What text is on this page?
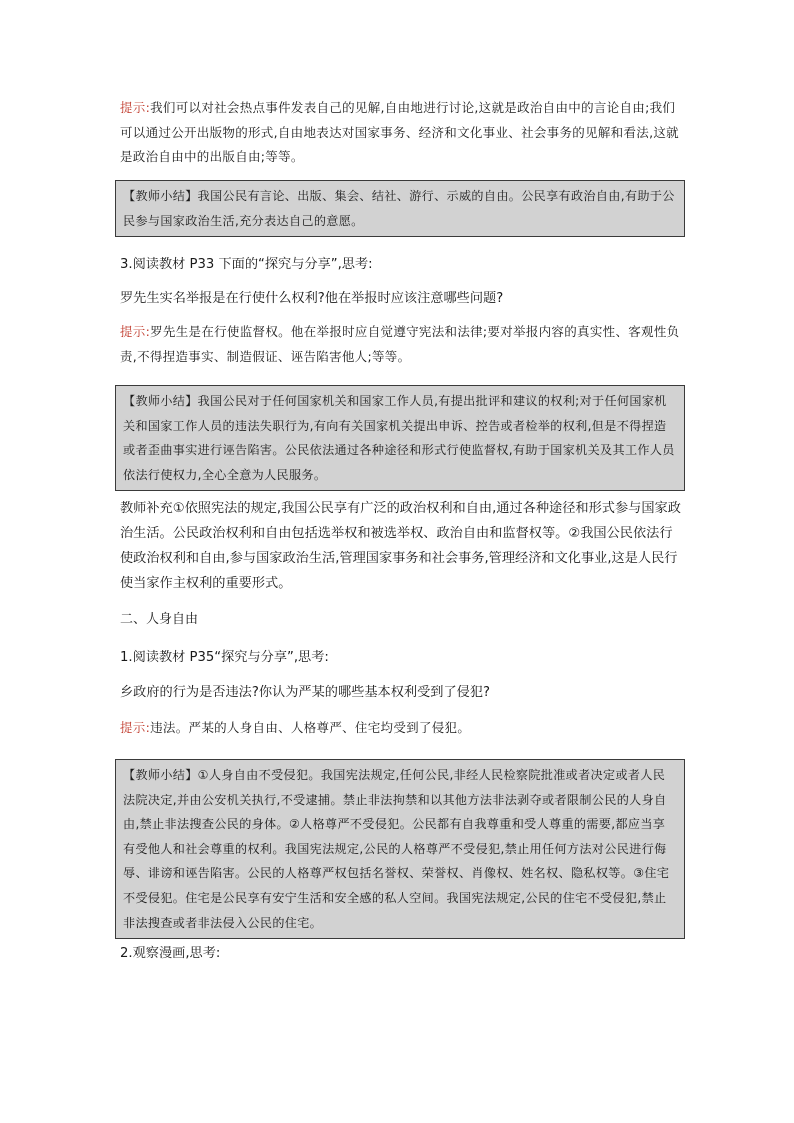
提示:我们可以对社会热点事件发表自己的见解,自由地进行讨论,这就是政治自由中的言论自由;我们可以通过公开出版物的形式,自由地表达对国家事务、经济和文化事业、社会事务的见解和看法,这就是政治自由中的出版自由;等等。
【教师小结】我国公民有言论、出版、集会、结社、游行、示威的自由。公民享有政治自由,有助于公民参与国家政治生活,充分表达自己的意愿。
3.阅读教材 P33 下面的“探究与分享”,思考:
罗先生实名举报是在行使什么权利?他在举报时应该注意哪些问题?
提示:罗先生是在行使监督权。他在举报时应自觉遵守宪法和法律;要对举报内容的真实性、客观性负责,不得捏造事实、制造假证、诬告陷害他人;等等。
【教师小结】我国公民对于任何国家机关和国家工作人员,有提出批评和建议的权利;对于任何国家机关和国家工作人员的违法失职行为,有向有关国家机关提出申诉、控告或者检举的权利,但是不得捏造或者歪曲事实进行诬告陷害。公民依法通过各种途径和形式行使监督权,有助于国家机关及其工作人员依法行使权力,全心全意为人民服务。
教师补充①依照宪法的规定,我国公民享有广泛的政治权利和自由,通过各种途径和形式参与国家政治生活。公民政治权利和自由包括选举权和被选举权、政治自由和监督权等。②我国公民依法行使政治权利和自由,参与国家政治生活,管理国家事务和社会事务,管理经济和文化事业,这是人民行使当家作主权利的重要形式。
二、人身自由
1.阅读教材 P35“探究与分享”,思考:
乡政府的行为是否违法?你认为严某的哪些基本权利受到了侵犯?
提示:违法。严某的人身自由、人格尊严、住宅均受到了侵犯。
【教师小结】①人身自由不受侵犯。我国宪法规定,任何公民,非经人民检察院批准或者决定或者人民法院决定,并由公安机关执行,不受逮捕。禁止非法拘禁和以其他方法非法剥夺或者限制公民的人身自由,禁止非法搜查公民的身体。②人格尊严不受侵犯。公民都有自我尊重和受人尊重的需要,都应当享有受他人和社会尊重的权利。我国宪法规定,公民的人格尊严不受侵犯,禁止用任何方法对公民进行侮辱、诽谤和诬告陷害。公民的人格尊严权包括名誉权、荣誉权、肖像权、姓名权、隐私权等。③住宅不受侵犯。住宅是公民享有安宁生活和安全感的私人空间。我国宪法规定,公民的住宅不受侵犯,禁止非法搜查或者非法侵入公民的住宅。
2.观察漫画,思考:
